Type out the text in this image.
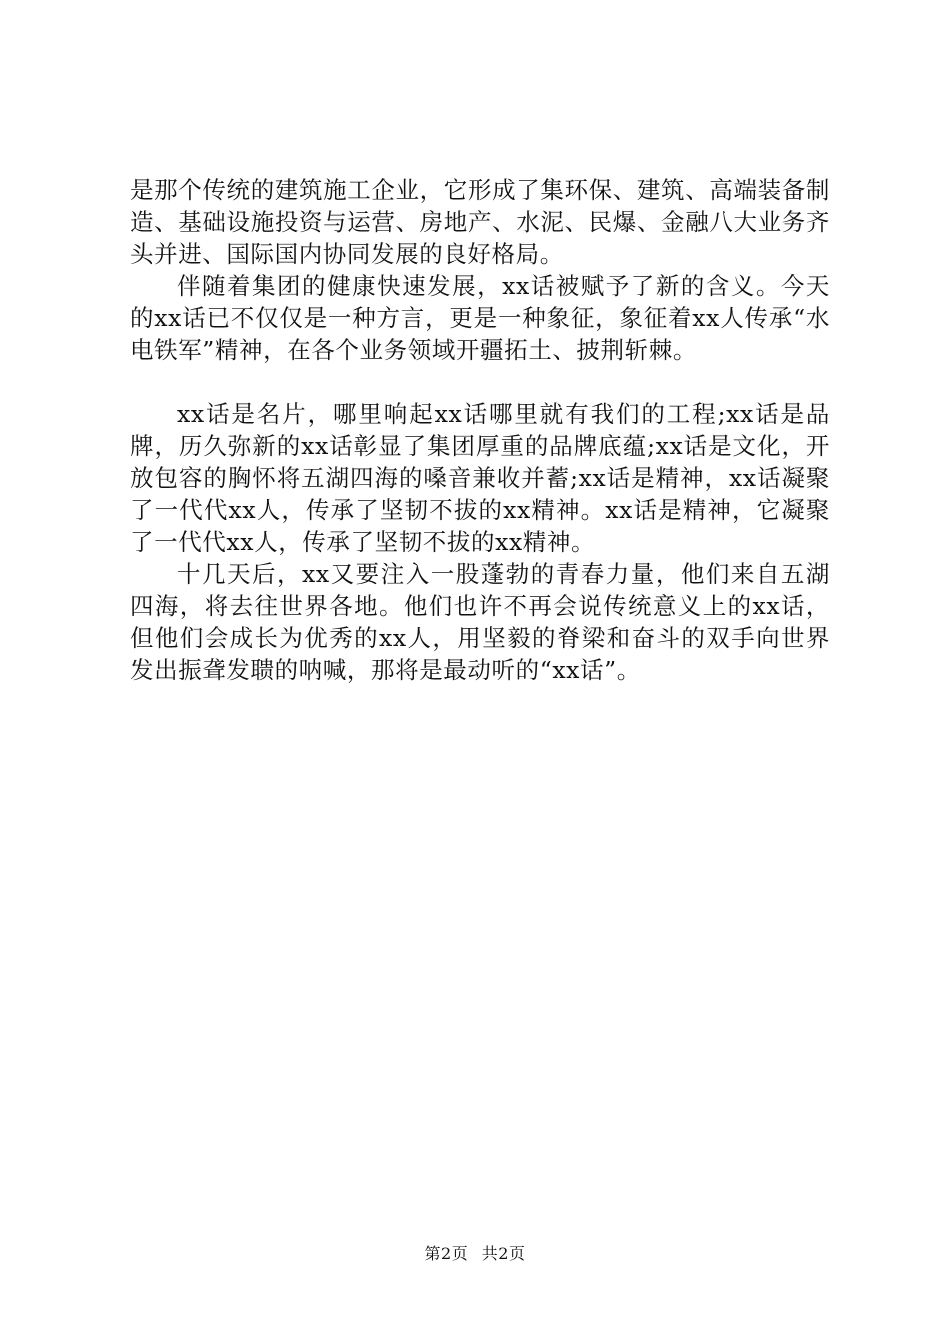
是那个传统的建筑施工企业，它形成了集环保、建筑、高端装备制造、基础设施投资与运营、房地产、水泥、民爆、金融八大业务齐头并进、国际国内协同发展的良好格局。

伴随着集团的健康快速发展，xx话被赋予了新的含义。今天的xx话已不仅仅是一种方言，更是一种象征，象征着xx人传承“水电铁军”精神，在各个业务领域开疆拓土、披荆斩棘。

xx话是名片，哪里响起xx话哪里就有我们的工程;xx话是品牌，历久弥新的xx话彰显了集团厚重的品牌底蕴;xx话是文化，开放包容的胸怀将五湖四海的嗓音兼收并蓄;xx话是精神，xx话凝聚了一代代xx人，传承了坚韧不拔的xx精神。xx话是精神，它凝聚了一代代xx人，传承了坚韧不拔的xx精神。

十几天后，xx又要注入一股蓬勃的青春力量，他们来自五湖四海，将去往世界各地。他们也许不再会说传统意义上的xx话，但他们会成长为优秀的xx人，用坚毅的脊梁和奋斗的双手向世界发出振聋发聩的呐喊，那将是最动听的“xx话”。

第2页 共2页
